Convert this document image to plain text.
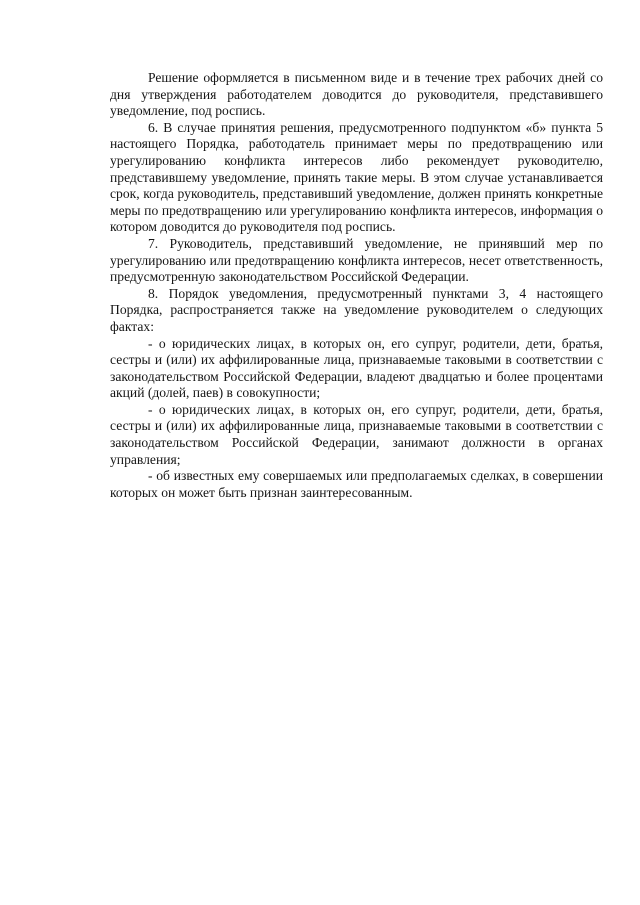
Решение оформляется в письменном виде и в течение трех рабочих дней со дня утверждения работодателем доводится до руководителя, представившего уведомление, под роспись.

6. В случае принятия решения, предусмотренного подпунктом «б» пункта 5 настоящего Порядка, работодатель принимает меры по предотвращению или урегулированию конфликта интересов либо рекомендует руководителю, представившему уведомление, принять такие меры. В этом случае устанавливается срок, когда руководитель, представивший уведомление, должен принять конкретные меры по предотвращению или урегулированию конфликта интересов, информация о котором доводится до руководителя под роспись.

7. Руководитель, представивший уведомление, не принявший мер по урегулированию или предотвращению конфликта интересов, несет ответственность, предусмотренную законодательством Российской Федерации.

8. Порядок уведомления, предусмотренный пунктами 3, 4 настоящего Порядка, распространяется также на уведомление руководителем о следующих фактах:

- о юридических лицах, в которых он, его супруг, родители, дети, братья, сестры и (или) их аффилированные лица, признаваемые таковыми в соответствии с законодательством Российской Федерации, владеют двадцатью и более процентами акций (долей, паев) в совокупности;

- о юридических лицах, в которых он, его супруг, родители, дети, братья, сестры и (или) их аффилированные лица, признаваемые таковыми в соответствии с законодательством Российской Федерации, занимают должности в органах управления;

- об известных ему совершаемых или предполагаемых сделках, в совершении которых он может быть признан заинтересованным.
